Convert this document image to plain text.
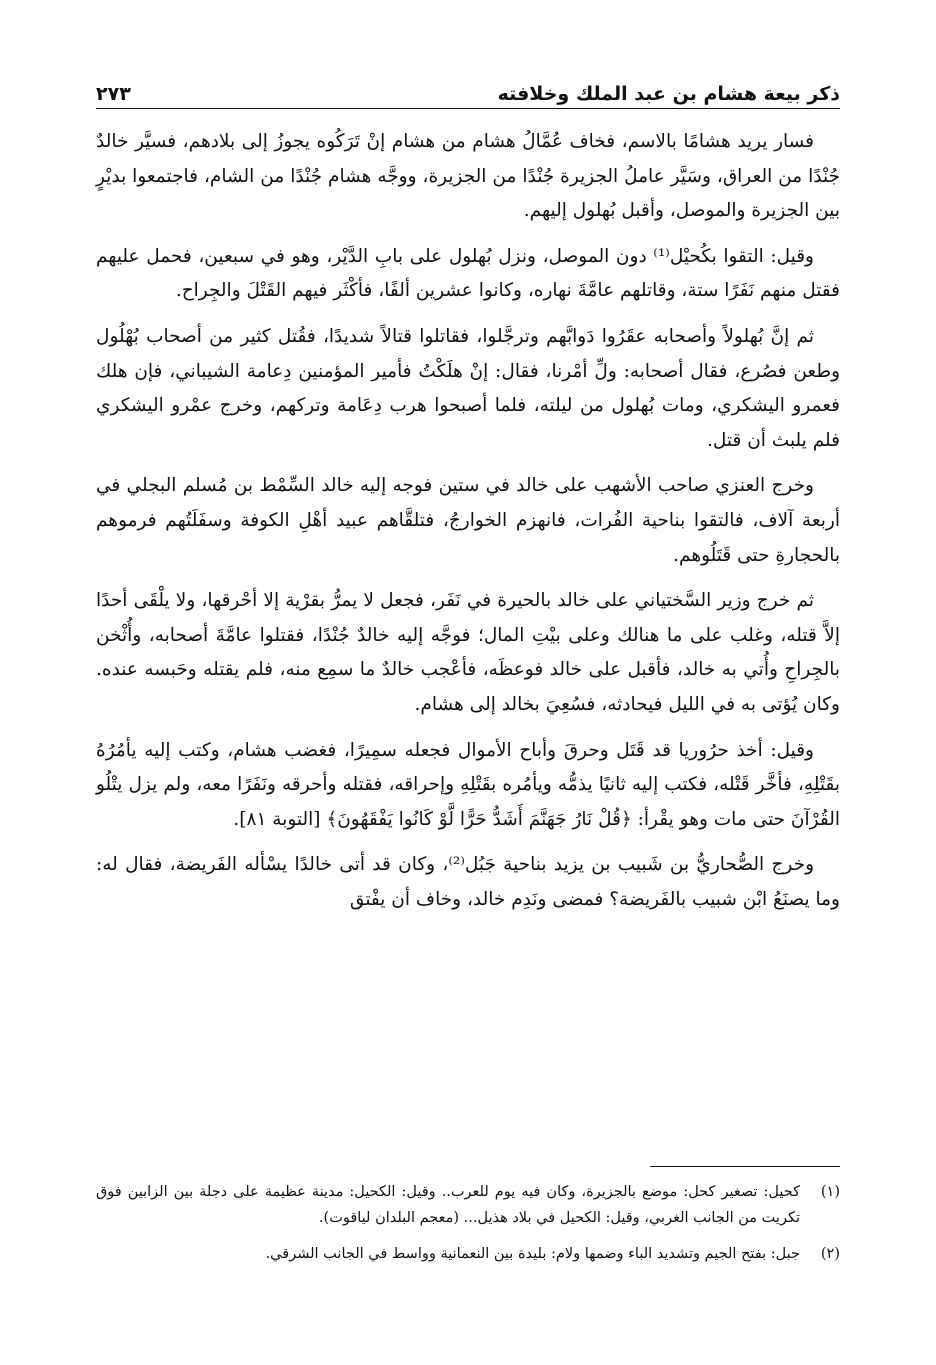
ذكر بيعة هشام بن عبد الملك وخلافته
٢٧٣

فسار يريد هشامًا بالاسم، فخاف عُمَّالُ هشام من هشام إنْ تَرَكُوه يجوزُ إلى بلادهم، فسيَّر خالدٌ جُنْدًا من العراق، وسَيَّر عاملُ الجزيرة جُنْدًا من الجزيرة، ووجَّه هشام جُنْدًا من الشام، فاجتمعوا بديْرٍ بين الجزيرة والموصل، وأقبل بُهلول إليهم.

وقيل: التقوا بكُحيْل⁽¹⁾ دون الموصل، ونزل بُهلول على بابِ الدَّيْر، وهو في سبعين، فحمل عليهم فقتل منهم نَفَرًا ستة، وقاتلهم عامَّةَ نهاره، وكانوا عشرين ألفًا، فأكْثَر فيهم القَتْلَ والجِراح.

ثم إنَّ بُهلولاً وأصحابه عقَرُوا دَوابَّهم وترجَّلوا، فقاتلوا قتالاً شديدًا، فقُتل كثير من أصحاب بُهْلُول وطعن فصُرع، فقال أصحابه: ولِّ أمْرنا، فقال: إنْ هلَكْتُ فأمير المؤمنين دِعامة الشيباني، فإن هلك فعمرو اليشكري، ومات بُهلول من ليلته، فلما أصبحوا هرب دِعَامة وتركهم، وخرج عمْرو اليشكري فلم يلبث أن قتل.

وخرج العنزي صاحب الأشهب على خالد في ستين فوجه إليه خالد السِّمْط بن مُسلم البجلي في أربعة آلاف، فالتقوا بناحية الفُرات، فانهزم الخوارجُ، فتلقَّاهم عبيد أهْلِ الكوفة وسفَلَتُهم فرموهم بالحجارةِ حتى قَتَلُوهم.

ثم خرج وزير السَّختياني على خالد بالحيرة في نَفَر، فجعل لا يمرُّ بقرْية إلا أحْرقها، ولا يلْقَى أحدًا إلاَّ قتله، وغلب على ما هنالك وعلى بيْتِ المال؛ فوجَّه إليه خالدٌ جُنْدًا، فقتلوا عامَّةَ أصحابه، وأُثْخن بالجِراحِ وأُتي به خالد، فأقبل على خالد فوعظَه، فأعْجب خالدٌ ما سمِع منه، فلم يقتله وحَبسه عنده. وكان يُؤتى به في الليل فيحادثه، فسُعِيَ بخالد إلى هشام.

وقيل: أخذ حرُوريا قد قَتَل وحرقَ وأباح الأموال فجعله سمِيرًا، فغضب هشام، وكتب إليه يأمُرُهُ بقَتْلِهِ، فأخَّر قَتْله، فكتب إليه ثانيًا يذمُّه ويأمُره بقَتْلِهِ وإحراقه، فقتله وأحرقه ونَفَرًا معه، ولم يزل يتْلُو القُرْآنَ حتى مات وهو يقْرأ: ﴿قُلْ نَارُ جَهَنَّمَ أَشَدُّ حَرًّا لَّوْ كَانُوا يَفْقَهُونَ﴾ [التوبة ٨١].

وخرج الصُّحاريُّ بن شَبيب بن يزيد بناحية جَبُل⁽²⁾، وكان قد أتى خالدًا يسْأله الفَريضة، فقال له: وما يصنَعُ ابْن شبيب بالفَريضة؟ فمضى ونَدِم خالد، وخاف أن يفْتق

(١)
كحيل: تصغير كحل: موضع بالجزيرة، وكان فيه يوم للعرب.. وقيل: الكحيل: مدينة عظيمة على دجلة بين الزابين فوق تكريت من الجانب الغربي، وقيل: الكحيل في بلاد هذيل... (معجم البلدان لياقوت).
(٢)
جبل: بفتح الجيم وتشديد الباء وضمها ولام: بليدة بين النعمانية وواسط في الجانب الشرقي.
